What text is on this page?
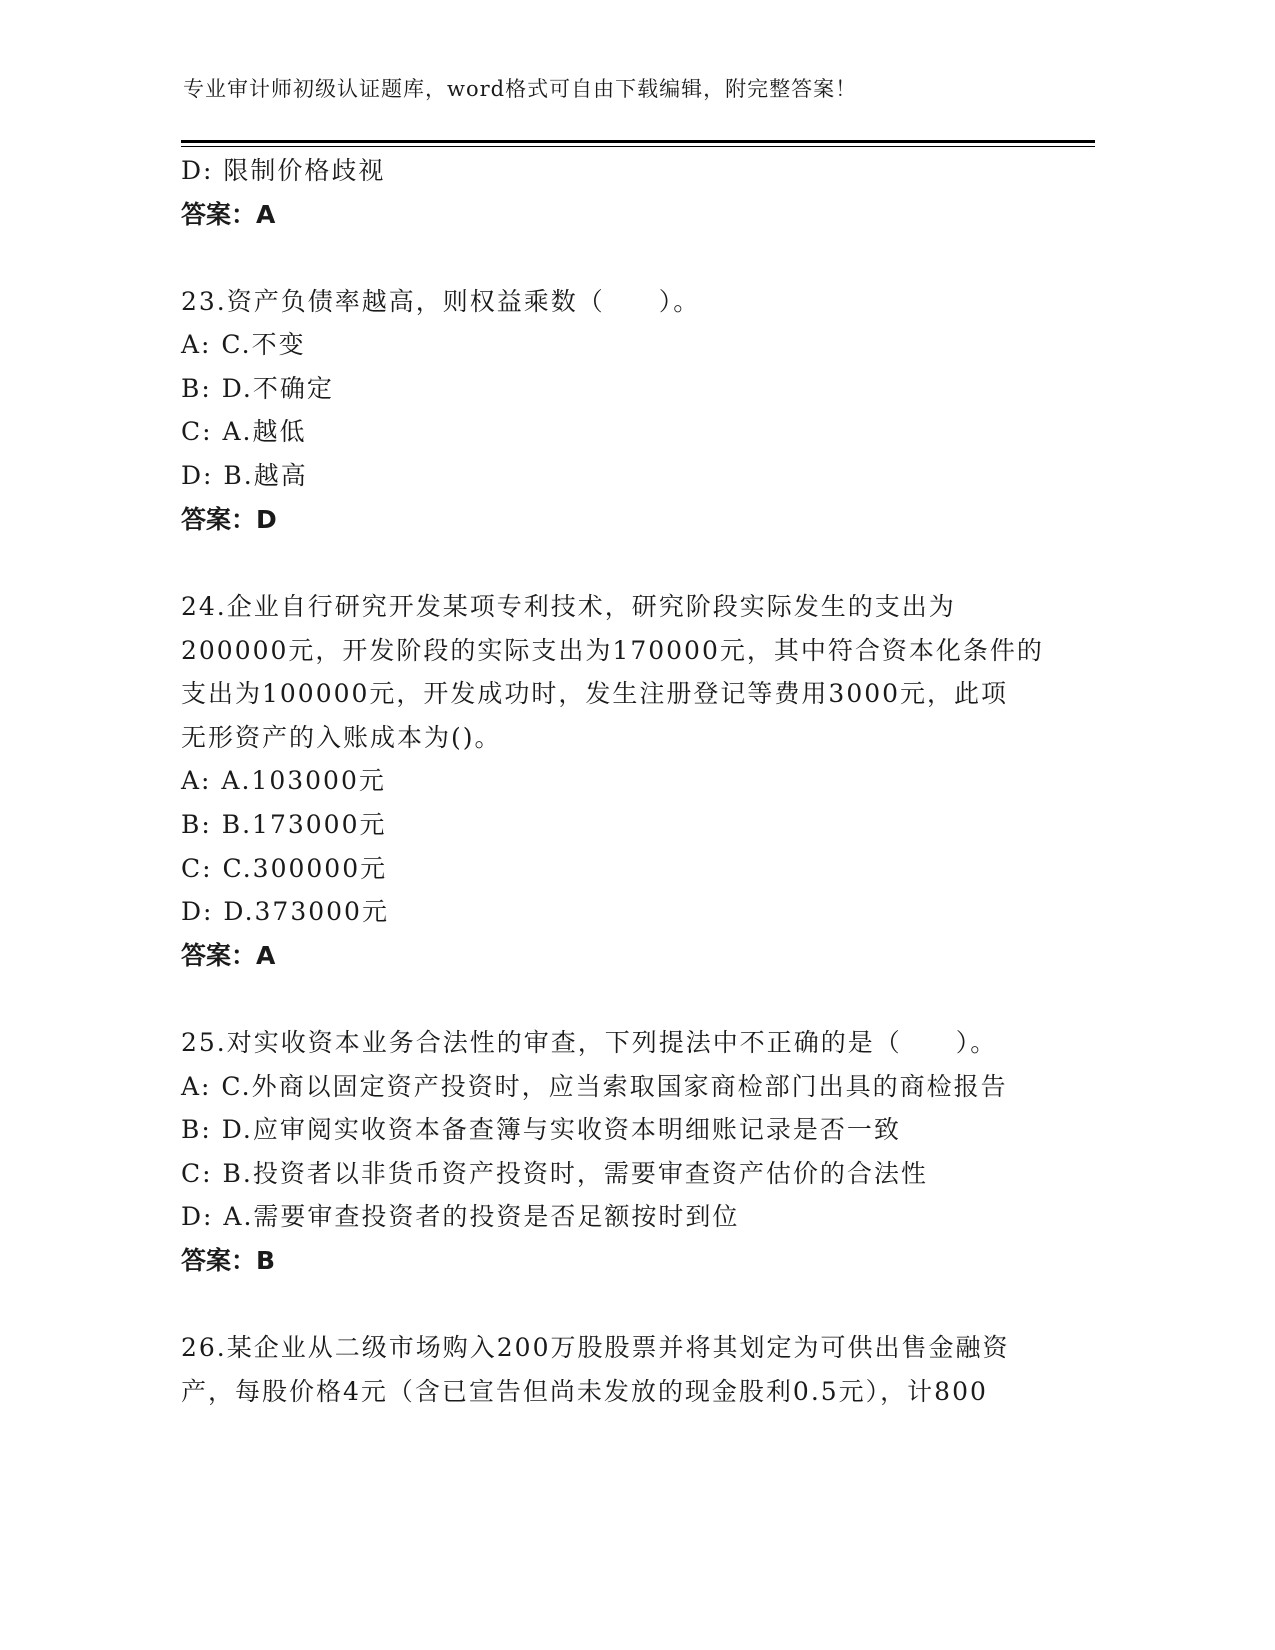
专业审计师初级认证题库，word格式可自由下载编辑，附完整答案！
D: 限制价格歧视
答案：A
23.资产负债率越高，则权益乘数（　　）。
A: C.不变
B: D.不确定
C: A.越低
D: B.越高
答案：D
24.企业自行研究开发某项专利技术，研究阶段实际发生的支出为
200000元，开发阶段的实际支出为170000元，其中符合资本化条件的
支出为100000元，开发成功时，发生注册登记等费用3000元，此项
无形资产的入账成本为()。
A: A.103000元
B: B.173000元
C: C.300000元
D: D.373000元
答案：A
25.对实收资本业务合法性的审查，下列提法中不正确的是（　　）。
A: C.外商以固定资产投资时，应当索取国家商检部门出具的商检报告
B: D.应审阅实收资本备查簿与实收资本明细账记录是否一致
C: B.投资者以非货币资产投资时，需要审查资产估价的合法性
D: A.需要审查投资者的投资是否足额按时到位
答案：B
26.某企业从二级市场购入200万股股票并将其划定为可供出售金融资
产，每股价格4元（含已宣告但尚未发放的现金股利0.5元），计800
